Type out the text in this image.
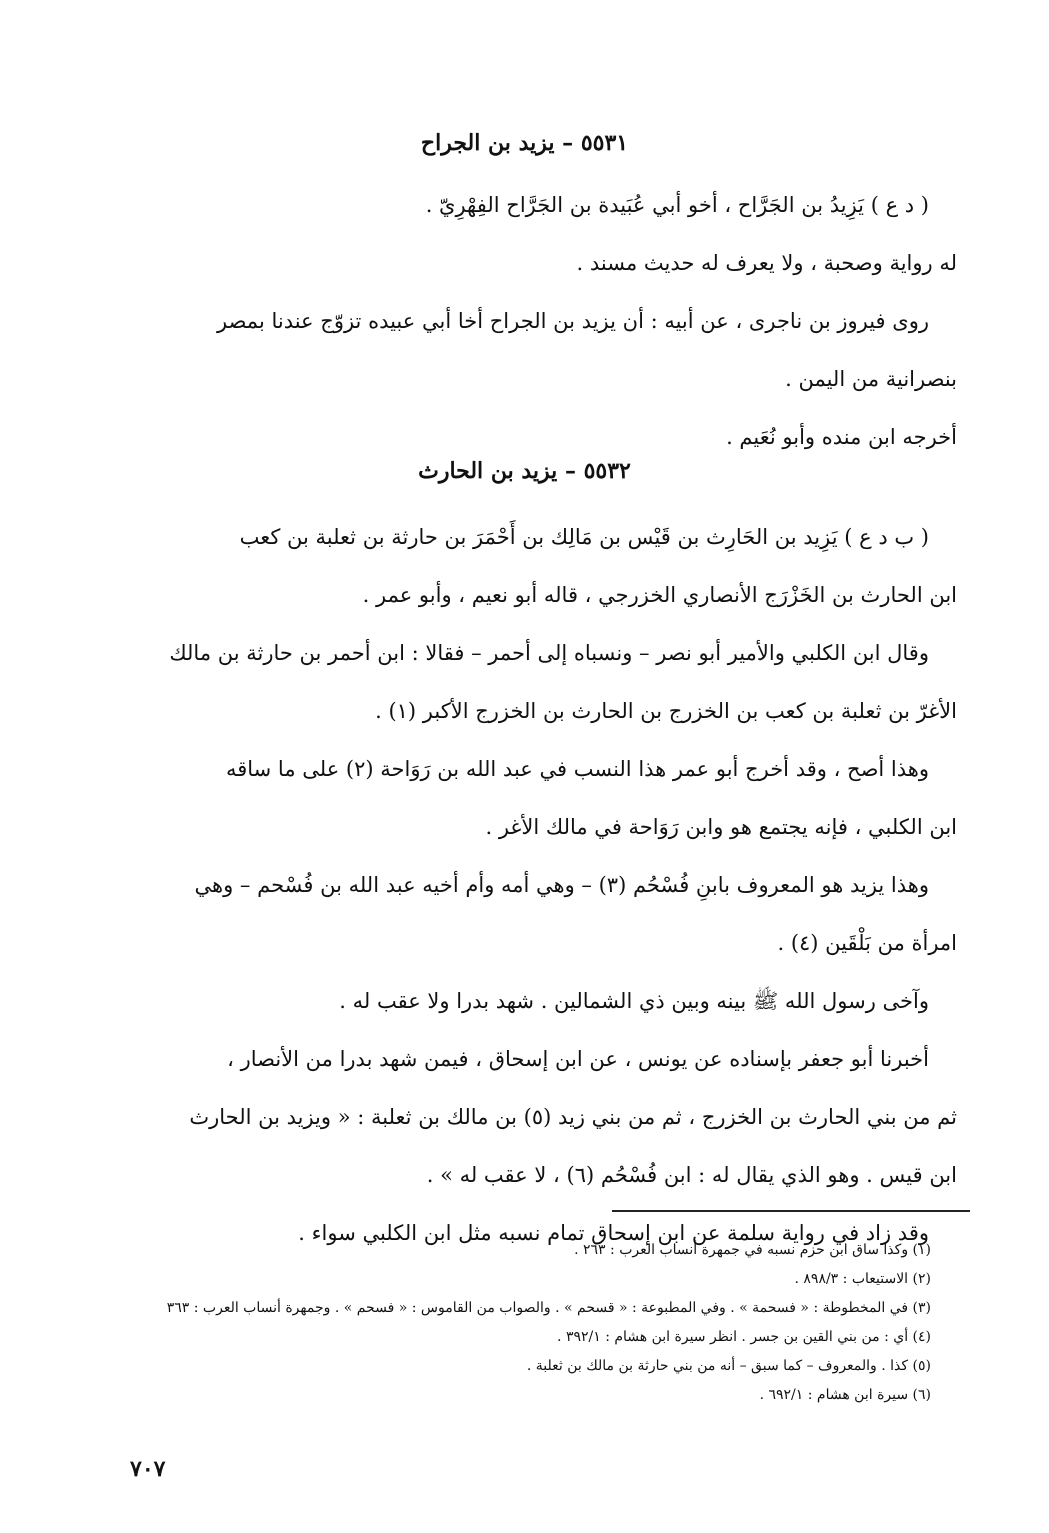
٥٥٣١ – يزيد بن الجراح
( د ع ) يَزِيدُ بن الجَرَّاح ، أخو أبي عُبَيدة بن الجَرَّاح الفِهْرِيّ .
له رواية وصحبة ، ولا يعرف له حديث مسند .
روى فيروز بن ناجرى ، عن أبيه : أن يزيد بن الجراح أخا أبي عبيده تزوّج عندنا بمصر
بنصرانية من اليمن .
أخرجه ابن منده وأبو نُعَيم .
٥٥٣٢ – يزيد بن الحارث
( ب د ع ) يَزِيد بن الحَارِث بن قَيْس بن مَالِك بن أَحْمَرَ بن حارثة بن ثعلبة بن كعب
ابن الحارث بن الخَزْرَج الأنصاري الخزرجي ، قاله أبو نعيم ، وأبو عمر .
وقال ابن الكلبي والأمير أبو نصر – ونسباه إلى أحمر – فقالا : ابن أحمر بن حارثة بن مالك
الأغرّ بن ثعلبة بن كعب بن الخزرج بن الحارث بن الخزرج الأكبر (١) .
وهذا أصح ، وقد أخرج أبو عمر هذا النسب في عبد الله بن رَوَاحة (٢) على ما ساقه
ابن الكلبي ، فإنه يجتمع هو وابن رَوَاحة في مالك الأغر .
وهذا يزيد هو المعروف بابنِ فُسْحُم (٣) – وهي أمه وأم أخيه عبد الله بن فُسْحم – وهي
امرأة من بَلْقَين (٤) .
وآخى رسول الله ﷺ بينه وبين ذي الشمالين . شهد بدرا ولا عقب له .
أخبرنا أبو جعفر بإسناده عن يونس ، عن ابن إسحاق ، فيمن شهد بدرا من الأنصار ،
ثم من بني الحارث بن الخزرج ، ثم من بني زيد (٥) بن مالك بن ثعلبة : « ويزيد بن الحارث
ابن قيس . وهو الذي يقال له : ابن فُسْحُم (٦) ، لا عقب له » .
وقد زاد في رواية سلمة عن ابن إسحاق تمام نسبه مثل ابن الكلبي سواء .
(١) وكذا ساق ابن حزم نسبه في جمهرة أنساب العرب : ٢٦٣ .
(٢) الاستيعاب : ٨٩٨/٣ .
(٣) في المخطوطة : « فسحمة » . وفي المطبوعة : « قسحم » . والصواب من القاموس : « فسحم » . وجمهرة أنساب العرب : ٣٦٣
(٤) أي : من بني القين بن جسر . انظر سيرة ابن هشام : ٣٩٢/١ .
(٥) كذا . والمعروف – كما سبق – أنه من بني حارثة بن مالك بن ثعلبة .
(٦) سيرة ابن هشام : ٦٩٢/١ .
٧٠٧
